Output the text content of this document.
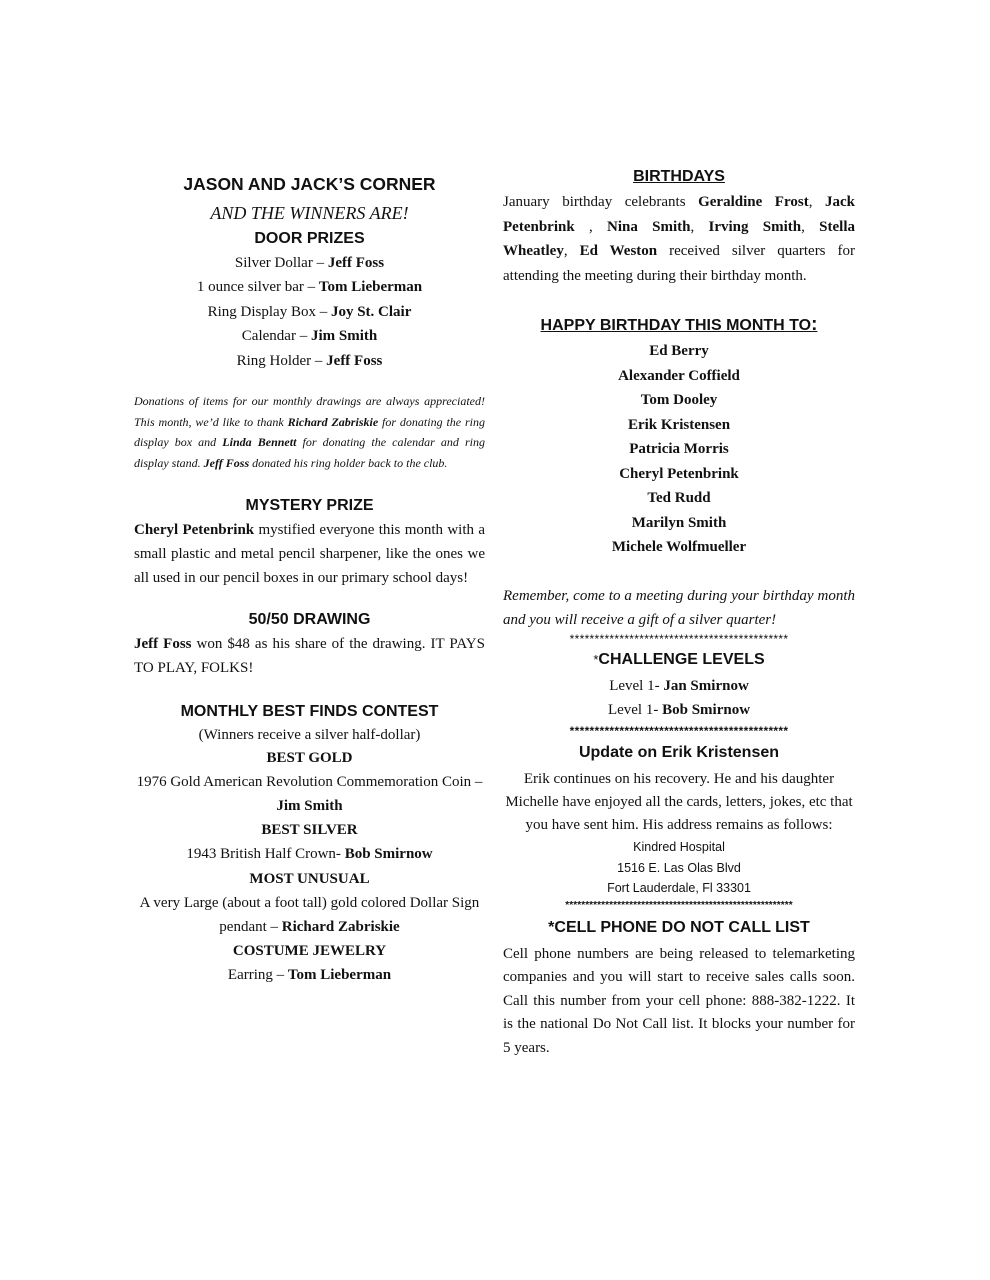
JASON AND JACK’S CORNER

AND THE WINNERS ARE!

DOOR PRIZES

Silver Dollar – Jeff Foss

1 ounce silver bar – Tom Lieberman

Ring Display Box – Joy St. Clair

Calendar – Jim Smith

Ring Holder – Jeff Foss

Donations of items for our monthly drawings are always appreciated! This month, we’d like to thank Richard Zabriskie for donating the ring display box and Linda Bennett for donating the calendar and ring display stand. Jeff Foss donated his ring holder back to the club.

MYSTERY PRIZE

Cheryl Petenbrink mystified everyone this month with a small plastic and metal pencil sharpener, like the ones we all used in our pencil boxes in our primary school days!

50/50 DRAWING

Jeff Foss won $48 as his share of the drawing. IT PAYS TO PLAY, FOLKS!

MONTHLY BEST FINDS CONTEST

(Winners receive a silver half-dollar)

BEST GOLD

1976 Gold American Revolution Commemoration Coin – Jim Smith

BEST SILVER

1943 British Half Crown- Bob Smirnow

MOST UNUSUAL

A very Large (about a foot tall) gold colored Dollar Sign pendant – Richard Zabriskie

COSTUME JEWELRY

Earring – Tom Lieberman

BIRTHDAYS

January birthday celebrants Geraldine Frost, Jack Petenbrink , Nina Smith, Irving Smith, Stella Wheatley, Ed Weston received silver quarters for attending the meeting during their birthday month.

HAPPY BIRTHDAY THIS MONTH TO:

Ed Berry

Alexander Coffield

Tom Dooley

Erik Kristensen

Patricia Morris

Cheryl Petenbrink

Ted Rudd

Marilyn Smith

Michele Wolfmueller

Remember, come to a meeting during your birthday month and you will receive a gift of a silver quarter!

********************************************

*CHALLENGE LEVELS

Level 1- Jan Smirnow

Level 1- Bob Smirnow

********************************************

Update on Erik Kristensen

Erik continues on his recovery. He and his daughter Michelle have enjoyed all the cards, letters, jokes, etc that you have sent him. His address remains as follows:

Kindred Hospital

1516 E. Las Olas Blvd

Fort Lauderdale, Fl 33301

*********************************************************

*CELL PHONE DO NOT CALL LIST

Cell phone numbers are being released to telemarketing companies and you will start to receive sales calls soon. Call this number from your cell phone: 888-382-1222. It is the national Do Not Call list. It blocks your number for 5 years.
